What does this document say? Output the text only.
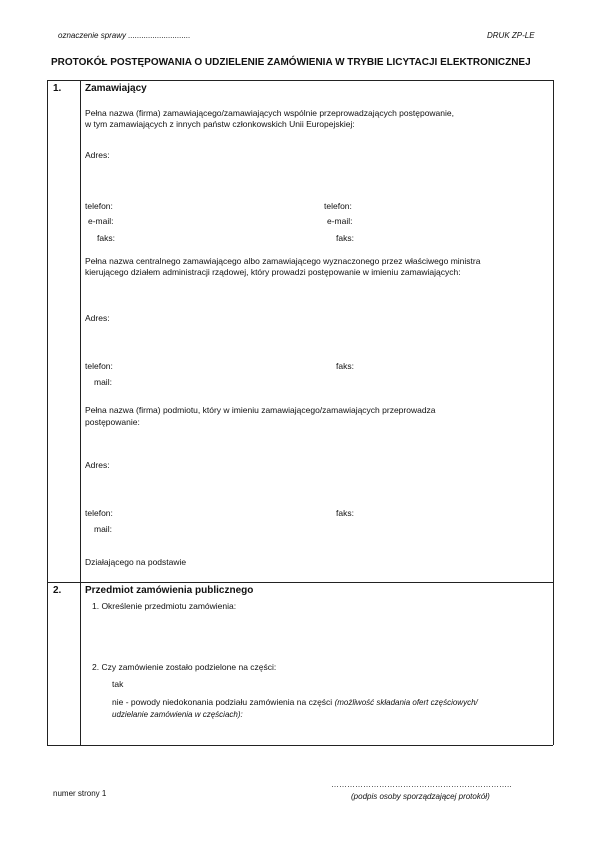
oznaczenie sprawy ............................	DRUK ZP-LE
PROTOKÓŁ POSTĘPOWANIA O UDZIELENIE ZAMÓWIENIA W TRYBIE LICYTACJI ELEKTRONICZNEJ
1. Zamawiający
Pełna nazwa (firma) zamawiającego/zamawiających wspólnie przeprowadzających postępowanie,
w tym zamawiających z innych państw członkowskich Unii Europejskiej:
Adres:
telefon:	telefon:
e-mail:	e-mail:
faks:	faks:
Pełna nazwa centralnego zamawiającego albo zamawiającego wyznaczonego przez właściwego ministra
kierującego działem administracji rządowej, który prowadzi postępowanie w imieniu zamawiających:
Adres:
telefon:	faks:
mail:
Pełna nazwa (firma) podmiotu, który w imieniu zamawiającego/zamawiających przeprowadza
postępowanie:
Adres:
telefon:	faks:
mail:
Działającego na podstawie
2. Przedmiot zamówienia publicznego
1. Określenie przedmiotu zamówienia:
2. Czy zamówienie zostało podzielone na części:
tak
nie - powody niedokonania podziału zamówienia na części (możliwość składania ofert częściowych/
udzielanie zamówienia w częściach):
numer strony 1
…………………………………………………………..
(podpis osoby sporządzającej protokół)
